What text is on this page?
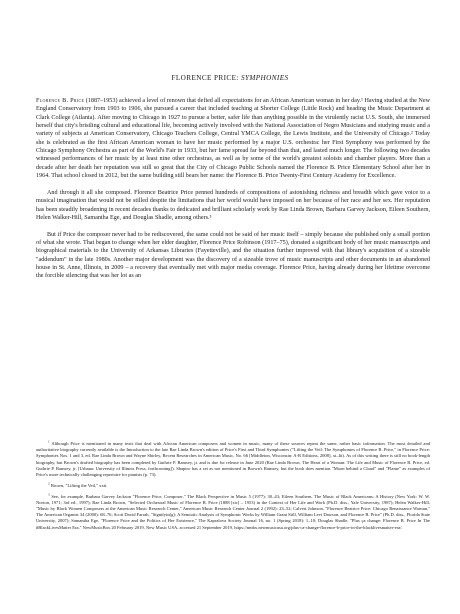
FLORENCE PRICE: SYMPHONIES

Florence B. Price (1887–1953) achieved a level of renown that defied all expectations for an African American woman in her day.¹ Having studied at the New England Conservatory from 1903 to 1906, she pursued a career that included teaching at Shorter College (Little Rock) and heading the Music Department at Clark College (Atlanta). After moving to Chicago in 1927 to pursue a better, safer life than anything possible in the virulently racist U.S. South, she immersed herself that city's bristling cultural and educational life, becoming actively involved with the National Association of Negro Musicians and studying music and a variety of subjects at American Conservatory, Chicago Teachers College, Central YMCA College, the Lewis Institute, and the University of Chicago.² Today she is celebrated as the first African American woman to have her music performed by a major U.S. orchestra: her First Symphony was performed by the Chicago Symphony Orchestra as part of the World's Fair in 1933, but her fame spread far beyond than that, and lasted much longer. The following two decades witnessed performances of her music by at least nine other orchestras, as well as by some of the world's greatest soloists and chamber players. More than a decade after her death her reputation was still so great that the City of Chicago Public Schools named the Florence B. Price Elementary School after her in 1964. That school closed in 2012, but the same building still bears her name: the Florence B. Price Twenty-First Century Academy for Excellence.

And through it all she composed. Florence Beatrice Price penned hundreds of compositions of astonishing richness and breadth which gave voice to a musical imagination that would not be stilled despite the limitations that her world would have imposed on her because of her race and her sex. Her reputation has been steadily broadening in recent decades thanks to dedicated and brilliant scholarly work by Rae Linda Brown, Barbara Garvey Jackson, Eileen Southern, Helen Walker-Hill, Samantha Ege, and Douglas Shadle, among others.³

But if Price the composer never had to be rediscovered, the same could not be said of her music itself – simply because she published only a small portion of what she wrote. That began to change when her elder daughter, Florence Price Robinson (1917–75), donated a significant body of her music manuscripts and biographical materials to the University of Arkansas Libraries (Fayetteville), and the situation further improved with that library's acquisition of a sizeable "addendum" in the late 1980s. Another major development was the discovery of a sizeable trove of music manuscripts and other documents in an abandoned house in St. Anne, Illinois, in 2009 – a recovery that eventually met with major media coverage. Florence Price, having already during her lifetime overcome the forcible silencing that was her lot as an

$^1$ Although Price is mentioned in many texts that deal with African American composers and women in music, many of these sources repeat the same, rather basic information. The most detailed and authoritative biography currently available is the Introduction to the late Rae Linda Brown's edition of Price's First and Third Symphonies ("Lifting the Veil: The Symphonies of Florence B. Price," in Florence Price: Symphonies Nos. 1 and 3, ed. Rae Linda Brown and Wayne Shirley, Recent Researches in American Music, No. 66 [Middleton, Wisconsin: A-R Editions, 2008], xi–lii). As of this writing there is still no book-length biography, but Brown's drafted biography has been completed by Guthrie P. Ramsey, jr. and is due for release in June 2020 (Rae Linda Brown, The Heart of a Woman: The Life and Music of Florence B. Price, ed. Guthrie P. Ramsey, jr. [Urbana: University of Illinois Press, forthcoming]). Shapiro has a set as not mentioned in Brown's Ramsey, but the book does mention "Moon behind a Cloud" and "Flame" as examples of Price's more technically challenging repertoire for pianists (p. 73).

$^2$ Brown, "Lifting the Veil," xxii.

$^3$ See, for example, Barbara Garvey Jackson "Florence Price, Composer," The Black Perspective in Music 5 (1977): 30–43; Eileen Southern, The Music of Black Americans: A History (New York: W. W. Norton, 1971; 3rd ed., 1997); Rae Linda Brown, "Selected Orchestral Music of Florence B. Price (1888 [sic] – 1953) in the Context of Her Life and Work (Ph.D. diss., Yale University, 1987); Helen Walker-Hill, "Music by Black Women Composers at the American Music Research Center," American Music Research Center Journal 2 (1992): 23–52; Calvert Johnson, "Florence Beatrice Price: Chicago Renaissance Woman," The American Organist 34 (2000): 68–76; Scott David Farrah, "Signifyin(g): A Semiotic Analysis of Symphonic Works by William Grant Still, William Levi Dawson, and Florence B. Price" (Ph.D. diss., Florida State University, 2007); Samantha Ege, "Florence Price and the Politics of Her Existence," The Kapralova Society Journal 16, no. 1 (Spring 2018): 1–10; Douglas Shadle, "Plus ça change: Florence B. Price In The #BlackLivesMatter Era," NewMusicBox 20 February 2019, New Music USA, accessed 21 September 2019, https://nmbx.newmusicusa.org/plus-ca-change-florence-b-price-in-the-blacklivesmatter-era/.
